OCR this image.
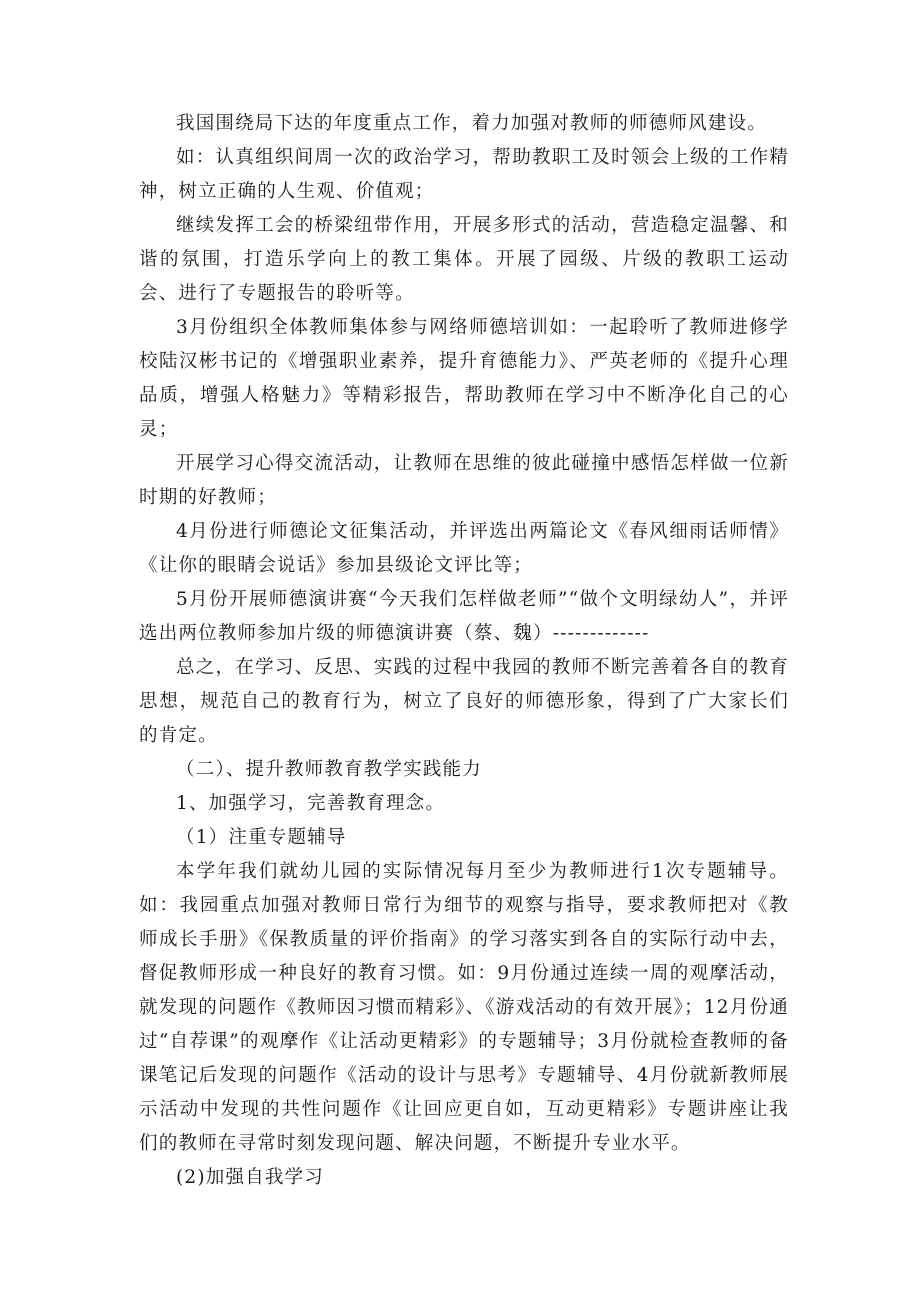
我国围绕局下达的年度重点工作，着力加强对教师的师德师风建设。

如：认真组织间周一次的政治学习，帮助教职工及时领会上级的工作精神，树立正确的人生观、价值观；

继续发挥工会的桥梁纽带作用，开展多形式的活动，营造稳定温馨、和谐的氛围，打造乐学向上的教工集体。开展了园级、片级的教职工运动会、进行了专题报告的聆听等。

3月份组织全体教师集体参与网络师德培训如：一起聆听了教师进修学校陆汉彬书记的《增强职业素养，提升育德能力》、严英老师的《提升心理品质，增强人格魅力》等精彩报告，帮助教师在学习中不断净化自己的心灵；

开展学习心得交流活动，让教师在思维的彼此碰撞中感悟怎样做一位新时期的好教师；

4月份进行师德论文征集活动，并评选出两篇论文《春风细雨话师情》《让你的眼睛会说话》参加县级论文评比等；

5月份开展师德演讲赛“今天我们怎样做老师”“做个文明绿幼人”，并评选出两位教师参加片级的师德演讲赛（蔡、魏）-------------

总之，在学习、反思、实践的过程中我园的教师不断完善着各自的教育思想，规范自己的教育行为，树立了良好的师德形象，得到了广大家长们的肯定。

（二）、提升教师教育教学实践能力

1、加强学习，完善教育理念。

（1）注重专题辅导

本学年我们就幼儿园的实际情况每月至少为教师进行1次专题辅导。如：我园重点加强对教师日常行为细节的观察与指导，要求教师把对《教师成长手册》《保教质量的评价指南》的学习落实到各自的实际行动中去，督促教师形成一种良好的教育习惯。如：9月份通过连续一周的观摩活动，就发现的问题作《教师因习惯而精彩》、《游戏活动的有效开展》；12月份通过“自荐课”的观摩作《让活动更精彩》的专题辅导；3月份就检查教师的备课笔记后发现的问题作《活动的设计与思考》专题辅导、4月份就新教师展示活动中发现的共性问题作《让回应更自如，互动更精彩》专题讲座让我们的教师在寻常时刻发现问题、解决问题，不断提升专业水平。

(2)加强自我学习
